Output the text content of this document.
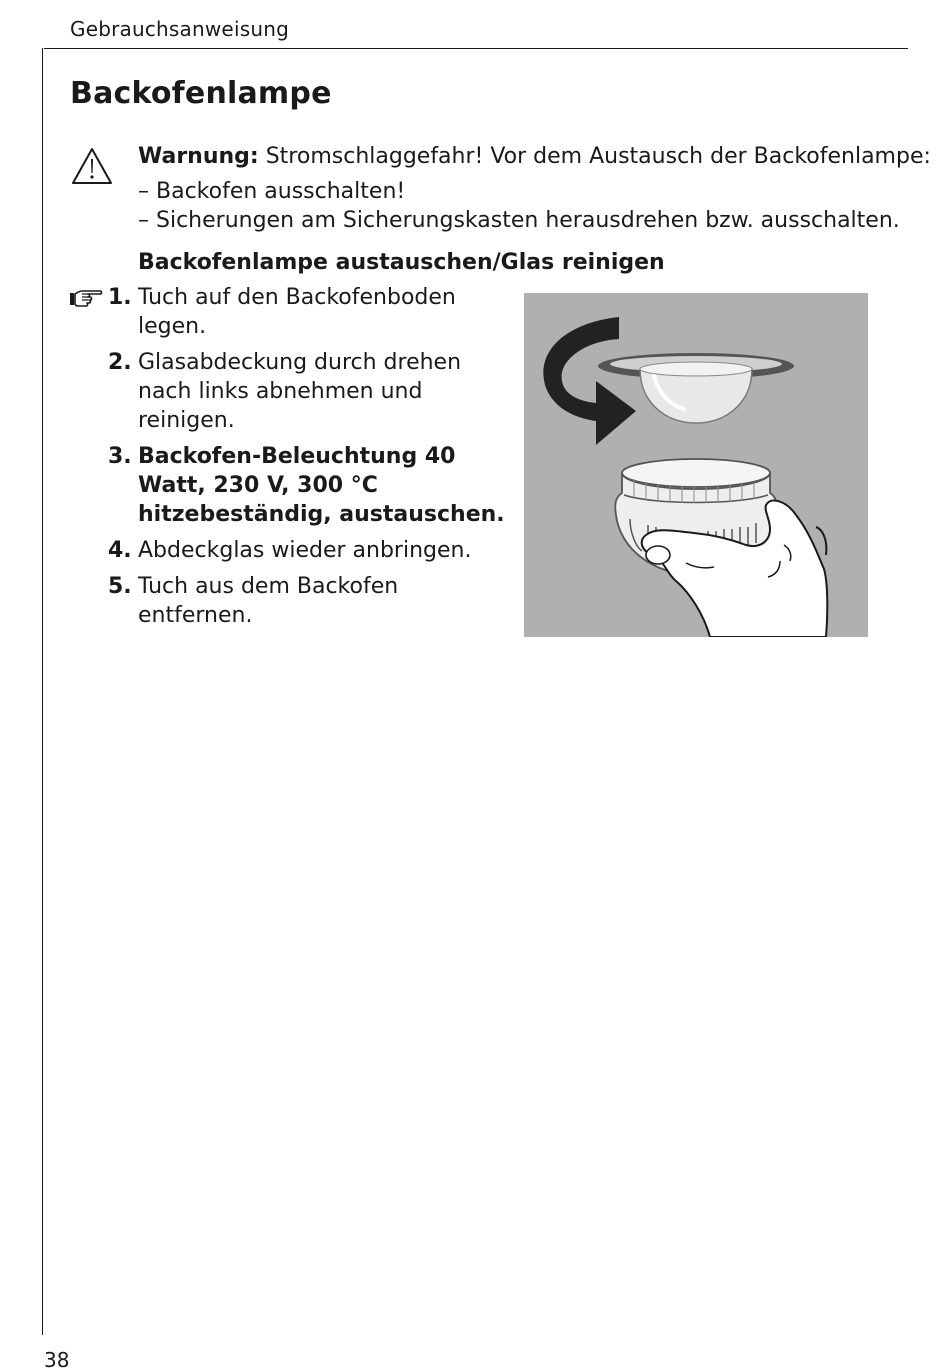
Gebrauchsanweisung
Backofenlampe
Warnung: Stromschlaggefahr! Vor dem Austausch der Backofenlampe:
– Backofen ausschalten!
– Sicherungen am Sicherungskasten herausdrehen bzw. ausschalten.
Backofenlampe austauschen/Glas reinigen
1. Tuch auf den Backofenboden legen.
2. Glasabdeckung durch drehen nach links abnehmen und reinigen.
3. Backofen-Beleuchtung 40 Watt, 230 V, 300 °C hitzebeständig, austauschen.
4. Abdeckglas wieder anbringen.
5. Tuch aus dem Backofen entfernen.
38
